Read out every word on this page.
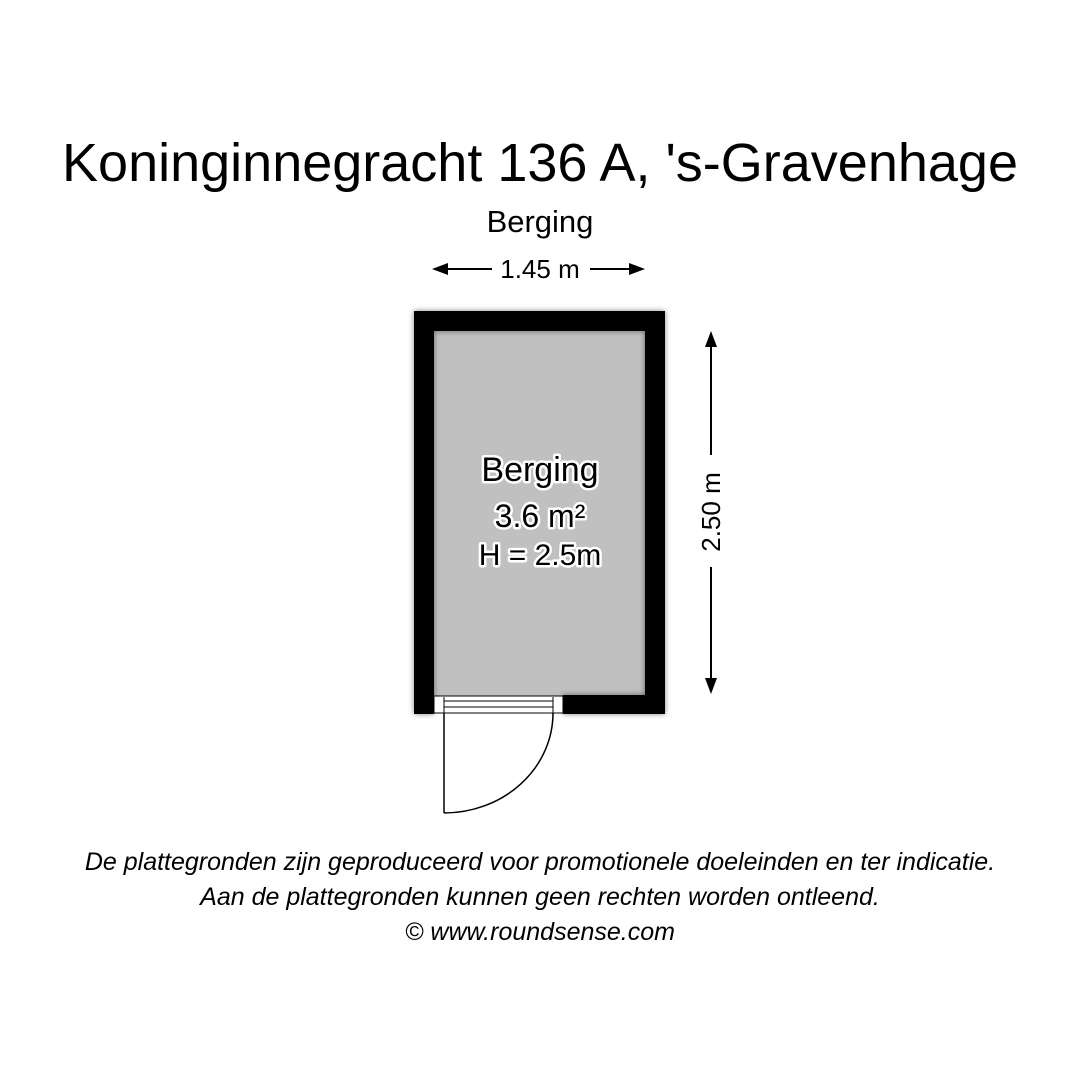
Koninginnegracht 136 A, 's-Gravenhage
Berging
1.45 m
2.50 m
Berging
3.6 m²
H = 2.5m
De plattegronden zijn geproduceerd voor promotionele doeleinden en ter indicatie.
Aan de plattegronden kunnen geen rechten worden ontleend.
© www.roundsense.com
